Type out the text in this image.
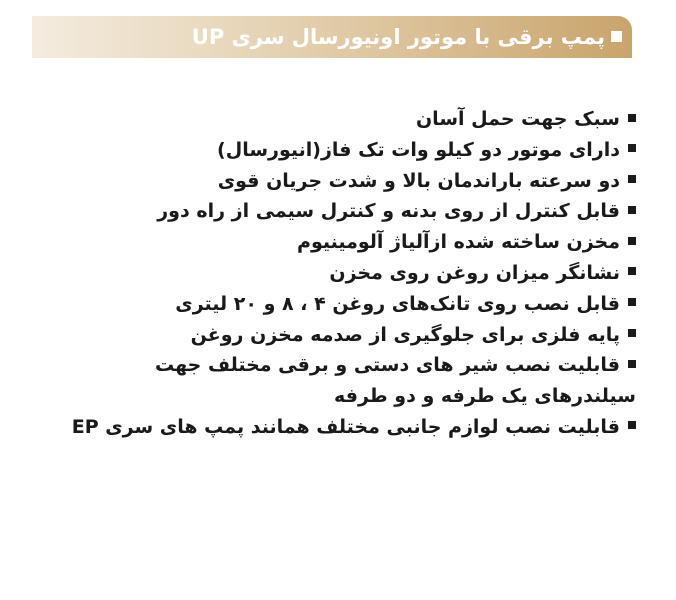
پمپ برقی با موتور اونیورسال سری UP
سبک جهت حمل آسان
دارای موتور دو کیلو وات تک فاز(انیورسال)
دو سرعته باراندمان بالا و شدت جریان قوی
قابل کنترل از روی بدنه و کنترل سیمی از راه دور
مخزن ساخته شده ازآلیاژ آلومینیوم
نشانگر میزان روغن روی مخزن
قابل نصب روی تانک‌های روغن ۴ ، ۸ و ۲۰ لیتری
پایه فلزی برای جلوگیری از صدمه مخزن روغن
قابلیت نصب شیر های دستی و برقی مختلف جهت سیلندرهای یک طرفه و دو طرفه
قابلیت نصب لوازم جانبی مختلف همانند پمپ های سری EP
